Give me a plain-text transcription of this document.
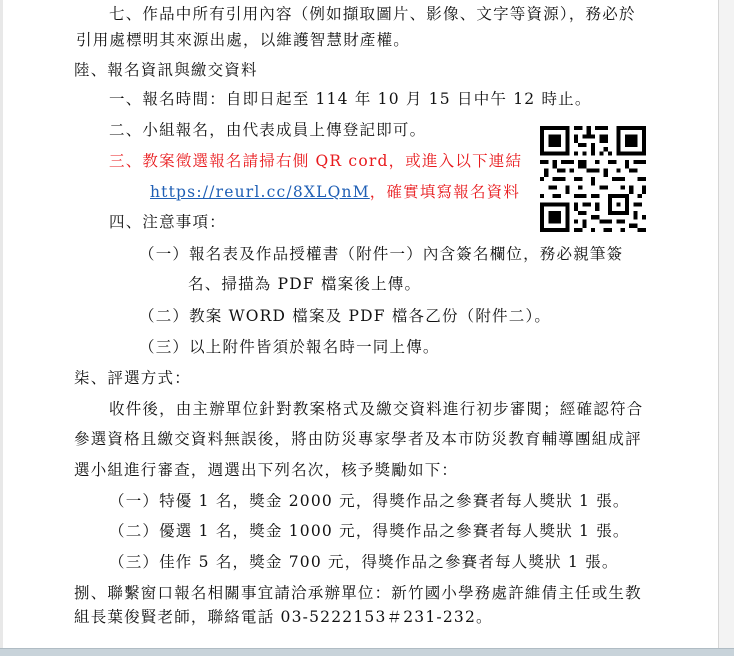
七、作品中所有引用內容（例如擷取圖片、影像、文字等資源），務必於
引用處標明其來源出處，以維護智慧財產權。
陸、報名資訊與繳交資料
一、報名時間：自即日起至 114 年 10 月 15 日中午 12 時止。
二、小組報名，由代表成員上傳登記即可。
三、教案徵選報名請掃右側 QR cord，或進入以下連結
https://reurl.cc/8XLQnM，確實填寫報名資料
四、注意事項：
（一）報名表及作品授權書（附件一）內含簽名欄位，務必親筆簽
名、掃描為 PDF 檔案後上傳。
（二）教案 WORD 檔案及 PDF 檔各乙份（附件二）。
（三）以上附件皆須於報名時一同上傳。
柒、評選方式：
收件後，由主辦單位針對教案格式及繳交資料進行初步審閱；經確認符合
參選資格且繳交資料無誤後，將由防災專家學者及本市防災教育輔導團組成評
選小組進行審查，週選出下列名次，核予獎勵如下：
（一）特優 1 名，獎金 2000 元，得獎作品之參賽者每人獎狀 1 張。
（二）優選 1 名，獎金 1000 元，得獎作品之參賽者每人獎狀 1 張。
（三）佳作 5 名，獎金 700 元，得獎作品之參賽者每人獎狀 1 張。
捌、聯繫窗口報名相關事宜請洽承辦單位：新竹國小學務處許維倩主任或生教
組長葉俊賢老師，聯絡電話 03-5222153＃231-232。
